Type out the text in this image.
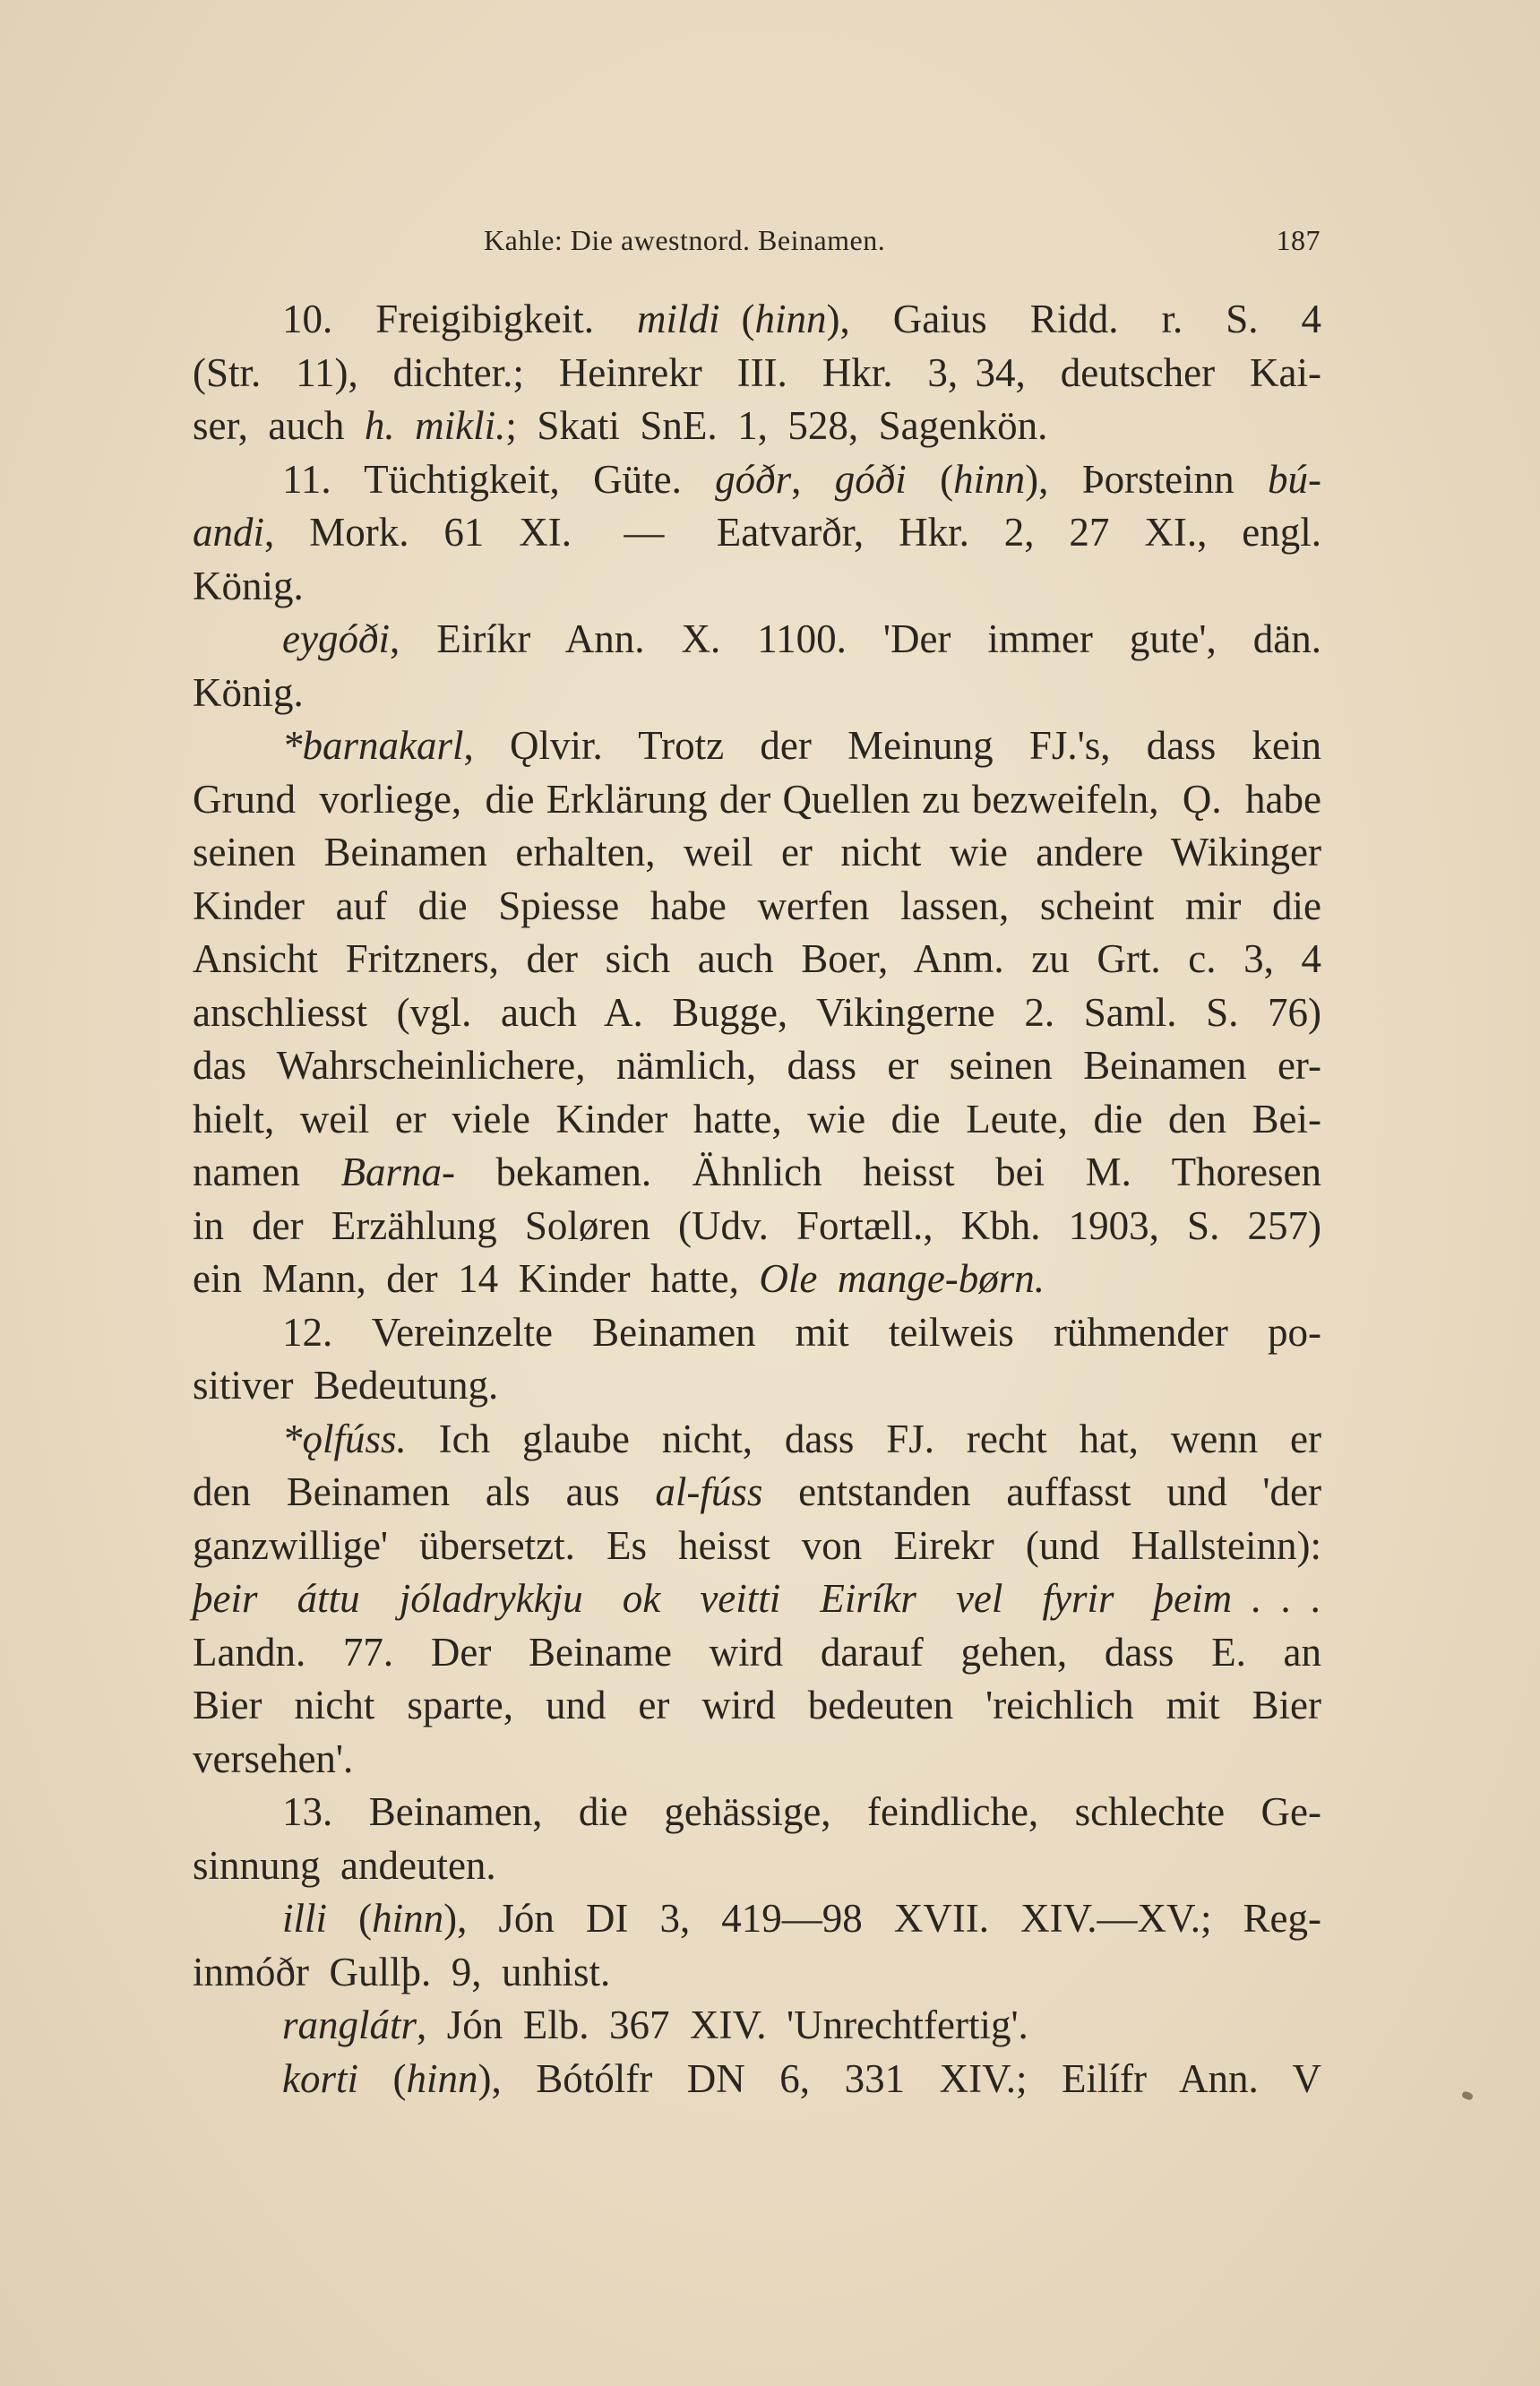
Kahle: Die awestnord. Beinamen.	187
10.  Freigibigkeit.  mildi (hinn),  Gaius  Ridd.  r.  S.  4
(Str.  11),  dichter.;  Heinrekr  III.  Hkr.  3, 34,  deutscher  Kai-
ser,  auch  h.  mikli.;  Skati  SnE.  1,  528,  Sagenkön.
11.  Tüchtigkeit,  Güte.  góðr,  góði  (hinn),  Þorsteinn  bú-
andi,  Mork.  61  XI.   —   Eatvarðr,  Hkr.  2,  27  XI.,  engl.
König.
eygóði,  Eiríkr  Ann.  X.  1100.  'Der  immer  gute',  dän.
König.
*barnakarl,  Ǫlvir.  Trotz  der  Meinung  FJ.'s,  dass  kein
Grund  vorliege,  die Erklärung der Quellen zu bezweifeln,  Ǫ.  habe
seinen  Beinamen  erhalten,  weil  er  nicht  wie  andere  Wikinger
Kinder  auf  die  Spiesse  habe  werfen  lassen,  scheint  mir  die
Ansicht  Fritzners,  der  sich  auch  Boer,  Anm.  zu  Grt.  c.  3,  4
anschliesst  (vgl.  auch  A.  Bugge,  Vikingerne  2.  Saml.  S.  76)
das  Wahrscheinlichere,  nämlich,  dass  er  seinen  Beinamen  er-
hielt,  weil  er  viele  Kinder  hatte,  wie  die  Leute,  die  den  Bei-
namen  Barna-  bekamen.  Ähnlich  heisst  bei  M.  Thoresen
in  der  Erzählung  Soløren  (Udv.  Fortæll.,  Kbh.  1903,  S.  257)
ein  Mann,  der  14  Kinder  hatte,  Ole  mange-børn.
12.  Vereinzelte  Beinamen  mit  teilweis  rühmender  po-
sitiver  Bedeutung.
*ǫlfúss.  Ich  glaube  nicht,  dass  FJ.  recht  hat,  wenn  er
den  Beinamen  als  aus  al-fúss  entstanden  auffasst  und  'der
ganzwillige'  übersetzt.  Es  heisst  von  Eirekr  (und  Hallsteinn):
þeir  áttu  jóladrykkju  ok  veitti  Eiríkr  vel  fyrir  þeim . . .
Landn.  77.  Der  Beiname  wird  darauf  gehen,  dass  E.  an
Bier  nicht  sparte,  und  er  wird  bedeuten  'reichlich  mit  Bier
versehen'.
13.  Beinamen,  die  gehässige,  feindliche,  schlechte  Ge-
sinnung  andeuten.
illi  (hinn),  Jón  DI  3,  419—98  XVII.  XIV.—XV.;  Reg-
inmóðr  Gullþ.  9,  unhist.
ranglátr,  Jón  Elb.  367  XIV.  'Unrechtfertig'.
korti  (hinn),  Bótólfr  DN  6,  331  XIV.;  Eilífr  Ann.  V
